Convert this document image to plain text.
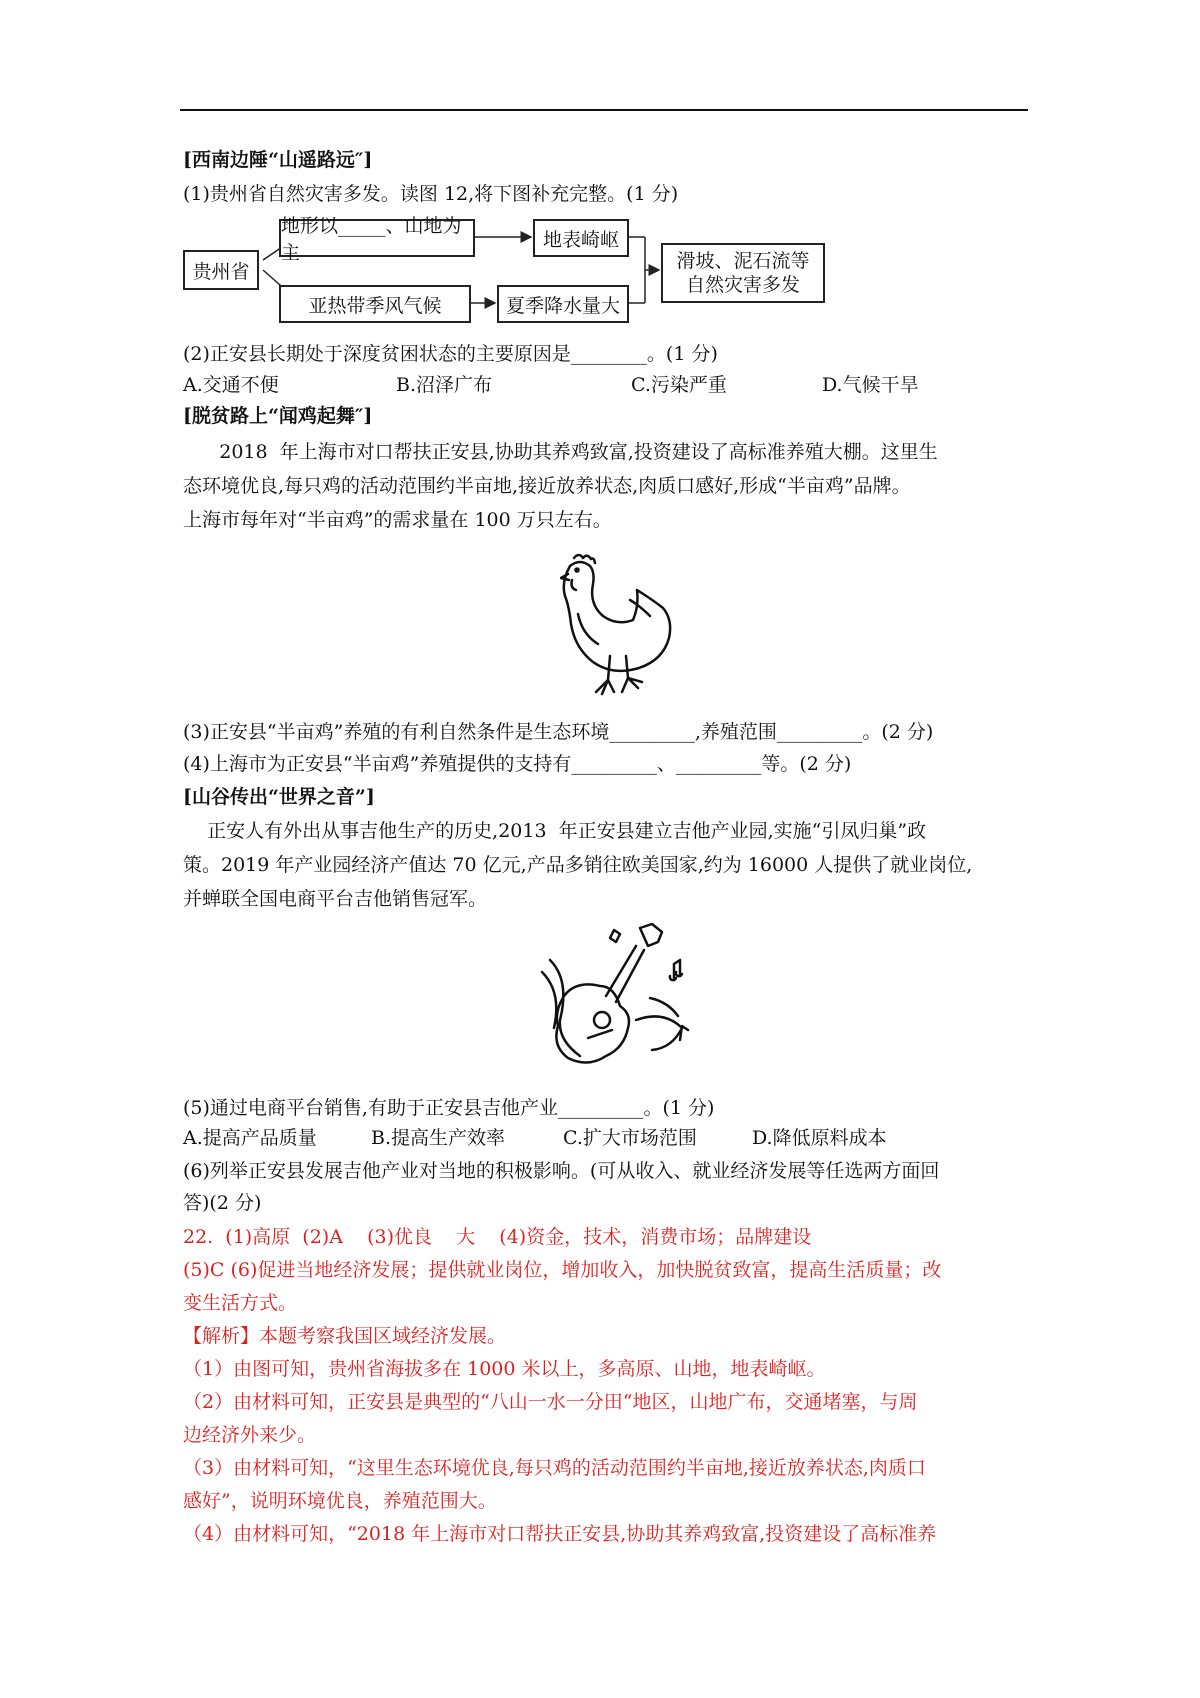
[西南边陲“山遥路远″]
(1)贵州省自然灾害多发。读图 12,将下图补充完整。(1 分)
贵州省
地形以_____、山地为主
地表崎岖
亚热带季风气候	夏季降水量大
滑坡、泥石流等
自然灾害多发
(2)正安县长期处于深度贫困状态的主要原因是________。(1 分)
A.交通不便	B.沼泽广布	C.污染严重	D.气候干旱
[脱贫路上“闻鸡起舞″]
2018  年上海市对口帮扶正安县,协助其养鸡致富,投资建设了高标准养殖大棚。这里生
态环境优良,每只鸡的活动范围约半亩地,接近放养状态,肉质口感好,形成“半亩鸡”品牌。
上海市每年对“半亩鸡”的需求量在 100 万只左右。
(3)正安县“半亩鸡”养殖的有利自然条件是生态环境_________,养殖范围_________。(2 分)
(4)上海市为正安县“半亩鸡”养殖提供的支持有_________、_________等。(2 分)
[山谷传出“世界之音”]
正安人有外出从事吉他生产的历史,2013  年正安县建立吉他产业园,实施“引凤归巢”政
策。2019 年产业园经济产值达 70 亿元,产品多销往欧美国家,约为 16000 人提供了就业岗位,
并蝉联全国电商平台吉他销售冠军。
(5)通过电商平台销售,有助于正安县吉他产业_________。(1 分)
A.提高产品质量	B.提高生产效率	C.扩大市场范围	D.降低原料成本
(6)列举正安县发展吉他产业对当地的积极影响。(可从收入、就业经济发展等任选两方面回
答)(2 分)
22.  (1)高原  (2)A    (3)优良    大    (4)资金，技术，消费市场；品牌建设
(5)C (6)促进当地经济发展；提供就业岗位，增加收入，加快脱贫致富，提高生活质量；改
变生活方式。
【解析】本题考察我国区域经济发展。
（1）由图可知，贵州省海拔多在 1000 米以上，多高原、山地，地表崎岖。
（2）由材料可知，正安县是典型的“八山一水一分田“地区，山地广布，交通堵塞，与周
边经济外来少。
（3）由材料可知，“这里生态环境优良,每只鸡的活动范围约半亩地,接近放养状态,肉质口
感好”，说明环境优良，养殖范围大。
（4）由材料可知，“2018 年上海市对口帮扶正安县,协助其养鸡致富,投资建设了高标准养
